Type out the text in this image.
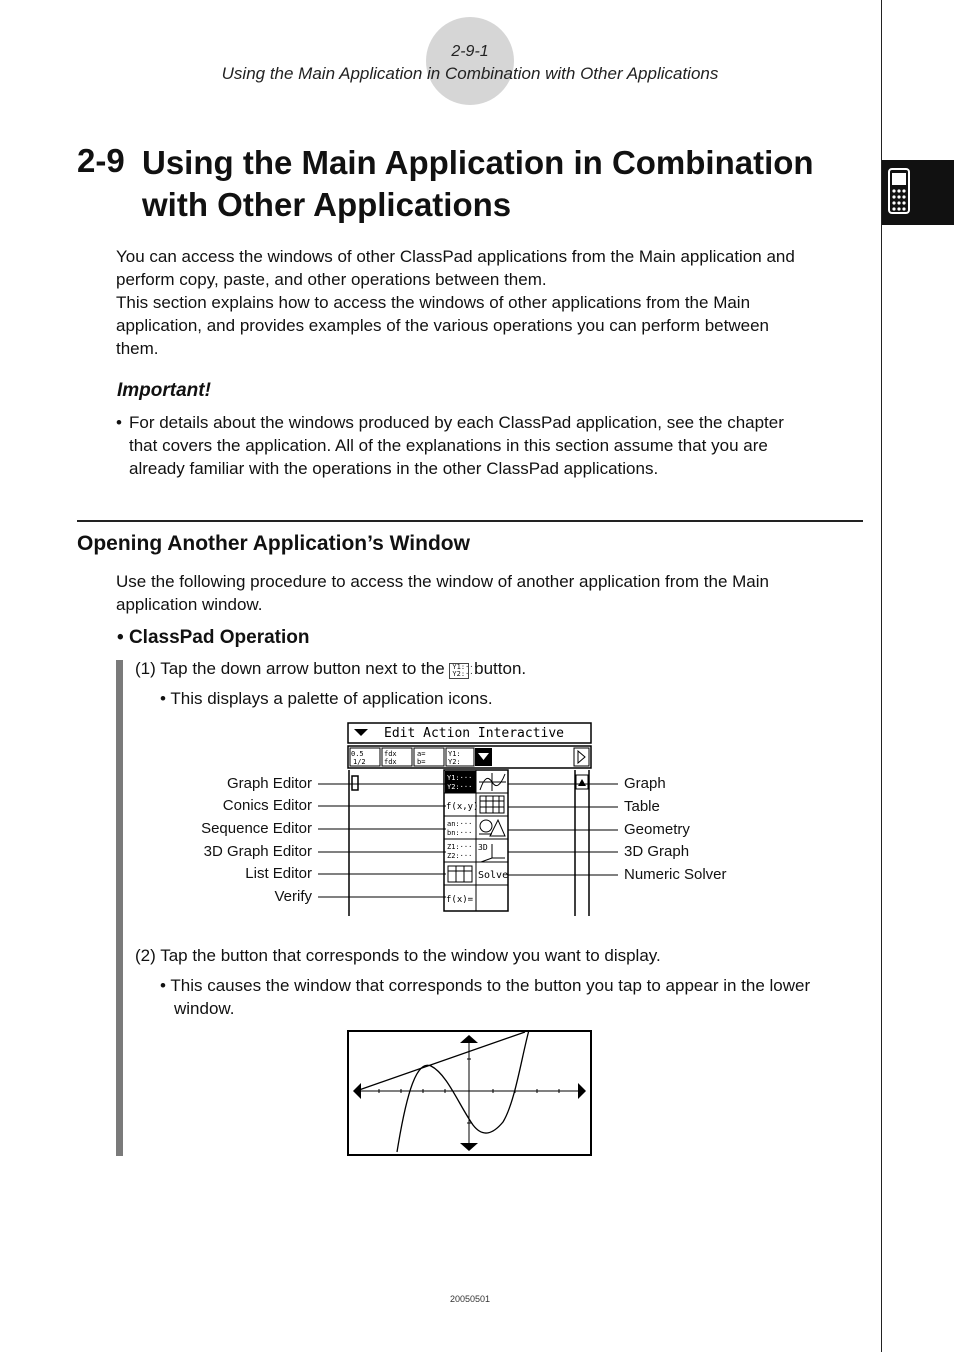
2-9-1
Using the Main Application in Combination with Other Applications
2-9 Using the Main Application in Combination
with Other Applications
You can access the windows of other ClassPad applications from the Main application and
perform copy, paste, and other operations between them.
This section explains how to access the windows of other applications from the Main
application, and provides examples of the various operations you can perform between
them.
Important!
• For details about the windows produced by each ClassPad application, see the chapter
that covers the application. All of the explanations in this section assume that you are
already familiar with the operations in the other ClassPad applications.
Opening Another Application’s Window
Use the following procedure to access the window of another application from the Main
application window.
• ClassPad Operation
(1) Tap the down arrow button next to the Y1:···
Y2:··· button.
• This displays a palette of application icons.
Edit Action Interactive
0.5
1/2
fdx
fdx
a=
b=
Y1:
Y2:
Y1:···
Y2:···
f(x,y)
an:···
bn:···
Z1:···
Z2:···
3D
Solve
f(x)=
Graph Editor
Conics Editor
Sequence Editor
3D Graph Editor
List Editor
Verify
Graph
Table
Geometry
3D Graph
Numeric Solver
(2) Tap the button that corresponds to the window you want to display.
• This causes the window that corresponds to the button you tap to appear in the lower
window.
20050501
